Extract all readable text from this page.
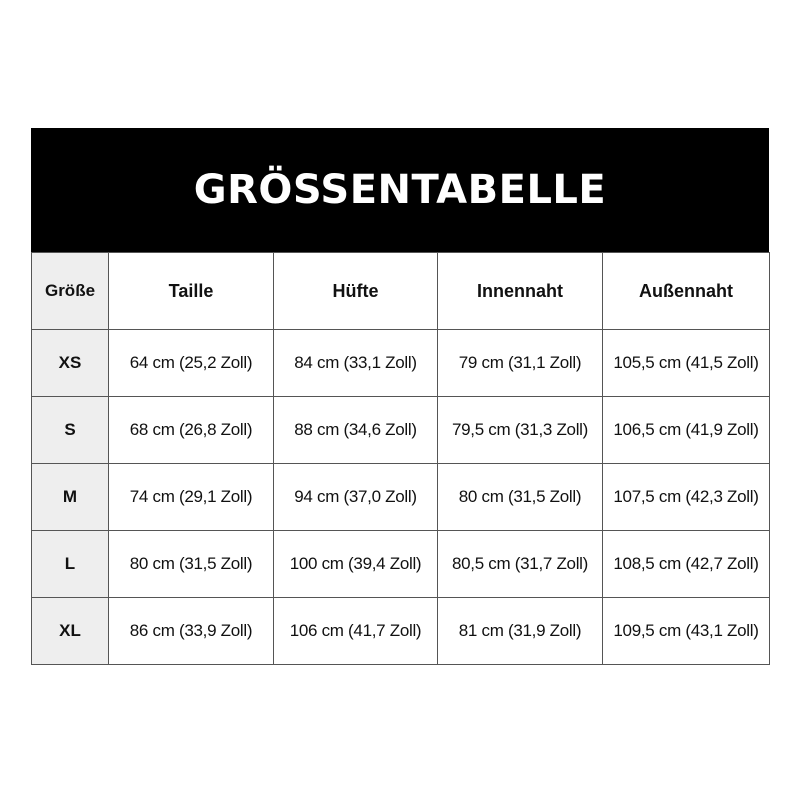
GRÖSSENTABELLE
Größe	Taille	Hüfte	Innennaht	Außennaht
XS	64 cm (25,2 Zoll)	84 cm (33,1 Zoll)	79 cm (31,1 Zoll)	105,5 cm (41,5 Zoll)
S	68 cm (26,8 Zoll)	88 cm (34,6 Zoll)	79,5 cm (31,3 Zoll)	106,5 cm (41,9 Zoll)
M	74 cm (29,1 Zoll)	94 cm (37,0 Zoll)	80 cm (31,5 Zoll)	107,5 cm (42,3 Zoll)
L	80 cm (31,5 Zoll)	100 cm (39,4 Zoll)	80,5 cm (31,7 Zoll)	108,5 cm (42,7 Zoll)
XL	86 cm (33,9 Zoll)	106 cm (41,7 Zoll)	81 cm (31,9 Zoll)	109,5 cm (43,1 Zoll)
